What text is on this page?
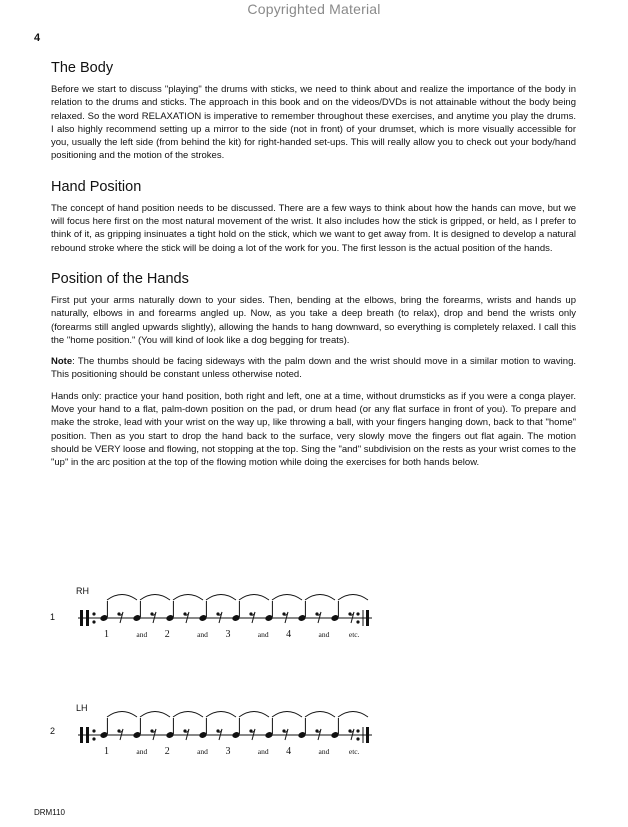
Copyrighted Material
4
The Body

Before we start to discuss "playing" the drums with sticks, we need to think about and realize the importance of the body in relation to the drums and sticks. The approach in this book and on the videos/DVDs is not attainable without the body being relaxed. So the word RELAXATION is imperative to remember throughout these exercises, and anytime you play the drums. I also highly recommend setting up a mirror to the side (not in front) of your drumset, which is more visually accessible for you, usually the left side (from behind the kit) for right-handed set-ups. This will really allow you to check out your body/hand positioning and the motion of the strokes.

Hand Position

The concept of hand position needs to be discussed. There are a few ways to think about how the hands can move, but we will focus here first on the most natural movement of the wrist. It also includes how the stick is gripped, or held, as I prefer to think of it, as gripping insinuates a tight hold on the stick, which we want to get away from. It is designed to develop a natural rebound stroke where the stick will be doing a lot of the work for you. The first lesson is the actual position of the hands.

Position of the Hands

First put your arms naturally down to your sides. Then, bending at the elbows, bring the forearms, wrists and hands up naturally, elbows in and forearms angled up. Now, as you take a deep breath (to relax), drop and bend the wrists only (forearms still angled upwards slightly), allowing the hands to hang downward, so everything is completely relaxed. I call this the "home position." (You will kind of look like a dog begging for treats).

Note: The thumbs should be facing sideways with the palm down and the wrist should move in a similar motion to waving. This positioning should be constant unless otherwise noted.

Hands only: practice your hand position, both right and left, one at a time, without drumsticks as if you were a conga player. Move your hand to a flat, palm-down position on the pad, or drum head (or any flat surface in front of you). To prepare and make the stroke, lead with your wrist on the way up, like throwing a ball, with your fingers hanging down, back to that "home" position. Then as you start to drop the hand back to the surface, very slowly move the fingers out flat again. The motion should be VERY loose and flowing, not stopping at the top. Sing the "and" subdivision on the rests as your wrist comes to the "up" in the arc position at the top of the flowing motion while doing the exercises for both hands below.

RH
1
1	and 2	and 3	and 4	and	etc.
LH
2
1	and 2	and 3	and 4	and	etc.
DRM110
